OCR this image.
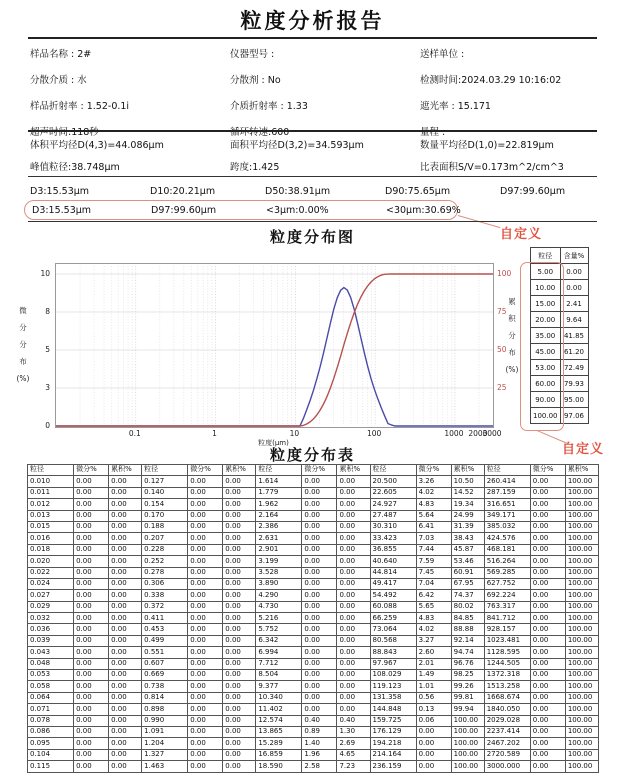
粒度分析报告
样品名称 : 2#	仪器型号 :	送样单位 :
分散介质 : 水	分散剂 : No	检测时间:2024.03.29 10:16:02
样品折射率 : 1.52-0.1i	介质折射率 : 1.33	遮光率 : 15.171
超声时间:118秒	循环转速:600	量程 :
体积平均径D(4,3)=44.086μm	面积平均径D(3,2)=34.593μm	数量平均径D(1,0)=22.819μm
峰值粒径:38.748μm	跨度:1.425	比表面积S/V=0.173m^2/cm^3
D3:15.53μm	D10:20.21μm	D50:38.91μm	D90:75.65μm	D97:99.60μm
D3:15.53μm	D97:99.60μm	<3μm:0.00%	<30μm:30.69%
自定义
粒度分布图
微
分
分
布
(%)
累
积
分
布
(%)
粒度(μm)
粒径	含量%
5.00	0.00
10.00	0.00
15.00	2.41
20.00	9.64
35.00	41.85
45.00	61.20
53.00	72.49
60.00	79.93
90.00	95.00
100.00	97.06
自定义
10
8
5
3
0
100
75
50
25
0.1	1	10	100	1000 2000
3000
粒度分布表
粒径	微分%	累积%	粒径	微分%	累积%	粒径	微分%	累积%	粒径	微分%	累积%	粒径	微分%	累积%
0.010	0.00	0.00	0.127	0.00	0.00	1.614	0.00	0.00	20.500	3.26	10.50	260.414	0.00	100.00
0.011	0.00	0.00	0.140	0.00	0.00	1.779	0.00	0.00	22.605	4.02	14.52	287.159	0.00	100.00
0.012	0.00	0.00	0.154	0.00	0.00	1.962	0.00	0.00	24.927	4.83	19.34	316.651	0.00	100.00
0.013	0.00	0.00	0.170	0.00	0.00	2.164	0.00	0.00	27.487	5.64	24.99	349.171	0.00	100.00
0.015	0.00	0.00	0.188	0.00	0.00	2.386	0.00	0.00	30.310	6.41	31.39	385.032	0.00	100.00
0.016	0.00	0.00	0.207	0.00	0.00	2.631	0.00	0.00	33.423	7.03	38.43	424.576	0.00	100.00
0.018	0.00	0.00	0.228	0.00	0.00	2.901	0.00	0.00	36.855	7.44	45.87	468.181	0.00	100.00
0.020	0.00	0.00	0.252	0.00	0.00	3.199	0.00	0.00	40.640	7.59	53.46	516.264	0.00	100.00
0.022	0.00	0.00	0.278	0.00	0.00	3.528	0.00	0.00	44.814	7.45	60.91	569.285	0.00	100.00
0.024	0.00	0.00	0.306	0.00	0.00	3.890	0.00	0.00	49.417	7.04	67.95	627.752	0.00	100.00
0.027	0.00	0.00	0.338	0.00	0.00	4.290	0.00	0.00	54.492	6.42	74.37	692.224	0.00	100.00
0.029	0.00	0.00	0.372	0.00	0.00	4.730	0.00	0.00	60.088	5.65	80.02	763.317	0.00	100.00
0.032	0.00	0.00	0.411	0.00	0.00	5.216	0.00	0.00	66.259	4.83	84.85	841.712	0.00	100.00
0.036	0.00	0.00	0.453	0.00	0.00	5.752	0.00	0.00	73.064	4.02	88.88	928.157	0.00	100.00
0.039	0.00	0.00	0.499	0.00	0.00	6.342	0.00	0.00	80.568	3.27	92.14	1023.481	0.00	100.00
0.043	0.00	0.00	0.551	0.00	0.00	6.994	0.00	0.00	88.843	2.60	94.74	1128.595	0.00	100.00
0.048	0.00	0.00	0.607	0.00	0.00	7.712	0.00	0.00	97.967	2.01	96.76	1244.505	0.00	100.00
0.053	0.00	0.00	0.669	0.00	0.00	8.504	0.00	0.00	108.029	1.49	98.25	1372.318	0.00	100.00
0.058	0.00	0.00	0.738	0.00	0.00	9.377	0.00	0.00	119.123	1.01	99.26	1513.258	0.00	100.00
0.064	0.00	0.00	0.814	0.00	0.00	10.340	0.00	0.00	131.358	0.56	99.81	1668.674	0.00	100.00
0.071	0.00	0.00	0.898	0.00	0.00	11.402	0.00	0.00	144.848	0.13	99.94	1840.050	0.00	100.00
0.078	0.00	0.00	0.990	0.00	0.00	12.574	0.40	0.40	159.725	0.06	100.00	2029.028	0.00	100.00
0.086	0.00	0.00	1.091	0.00	0.00	13.865	0.89	1.30	176.129	0.00	100.00	2237.414	0.00	100.00
0.095	0.00	0.00	1.204	0.00	0.00	15.289	1.40	2.69	194.218	0.00	100.00	2467.202	0.00	100.00
0.104	0.00	0.00	1.327	0.00	0.00	16.859	1.96	4.65	214.164	0.00	100.00	2720.589	0.00	100.00
0.115	0.00	0.00	1.463	0.00	0.00	18.590	2.58	7.23	236.159	0.00	100.00	3000.000	0.00	100.00
